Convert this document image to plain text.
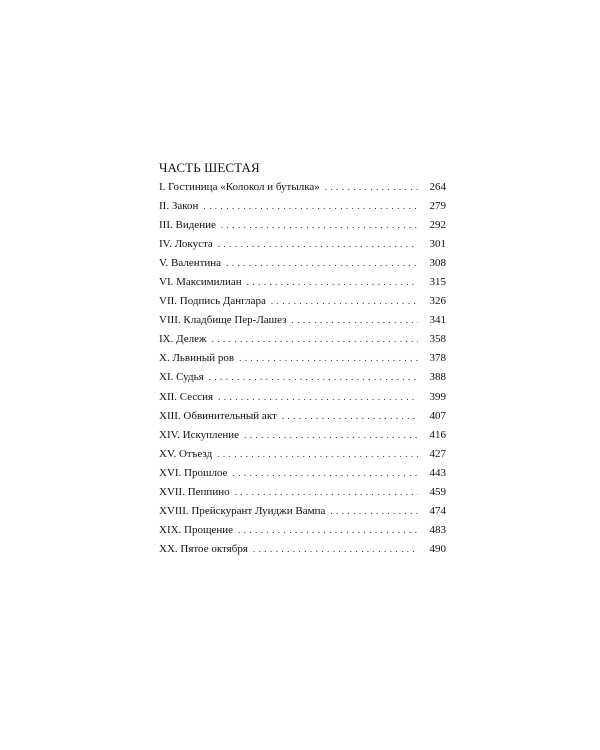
ЧАСТЬ ШЕСТАЯ
I. Гостиница «Колокол и бутылка» . . .	264
II. Закон . . .	279
III. Видение . . .	292
IV. Локуста . . .	301
V. Валентина . . .	308
VI. Максимилиан . . .	315
VII. Подпись Данглара . . .	326
VIII. Кладбище Пер-Лашез . . .	341
IX. Дележ . . .	358
X. Львиный ров . . .	378
XI. Судья . . .	388
XII. Сессия . . .	399
XIII. Обвинительный акт . . .	407
XIV. Искупление . . .	416
XV. Отъезд . . .	427
XVI. Прошлое . . .	443
XVII. Пеппино . . .	459
XVIII. Прейскурант Луиджи Вампа . . .	474
XIX. Прощение . . .	483
XX. Пятое октября . . .	490
